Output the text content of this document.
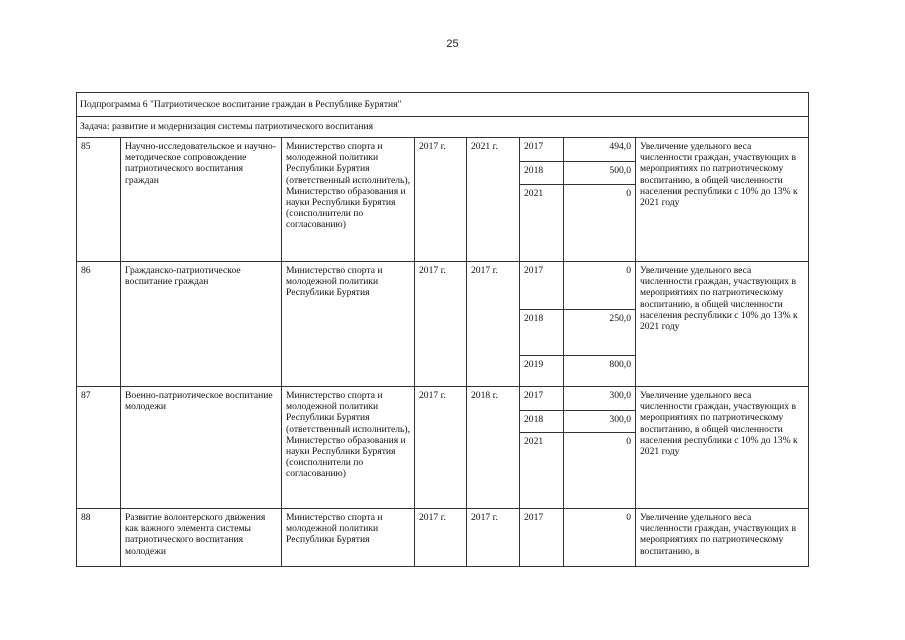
25
Подпрограмма 6 "Патриотическое воспитание граждан в Республике Бурятия"							
Задача: развитие и модернизация системы патриотического воспитания							
85	Научно-исследовательское и научно-методическое сопровождение патриотического воспитания граждан	Министерство спорта и молодежной политики Республики Бурятия (ответственный исполнитель), Министерство образования и науки Республики Бурятия (соисполнители по согласованию)	2017 г.	2021 г.	2017	494,0	Увеличение удельного веса численности граждан, участвующих в мероприятиях по патриотическому воспитанию, в общей численности населения республики с 10% до 13% к 2021 году
					2018	500,0	
					2021	0	
86	Гражданско-патриотическое воспитание граждан	Министерство спорта и молодежной политики Республики Бурятия	2017 г.	2017 г.	2017	0	Увеличение удельного веса численности граждан, участвующих в мероприятиях по патриотическому воспитанию, в общей численности населения республики с 10% до 13% к 2021 году
					2018	250,0	
					2019	800,0	
87	Военно-патриотическое воспитание молодежи	Министерство спорта и молодежной политики Республики Бурятия (ответственный исполнитель), Министерство образования и науки Республики Бурятия (соисполнители по согласованию)	2017 г.	2018 г.	2017	300,0	Увеличение удельного веса численности граждан, участвующих в мероприятиях по патриотическому воспитанию, в общей численности населения республики с 10% до 13% к 2021 году
					2018	300,0	
					2021	0	
88	Развитие волонтерского движения как важного элемента системы патриотического воспитания молодежи	Министерство спорта и молодежной политики Республики Бурятия	2017 г.	2017 г.	2017	0	Увеличение удельного веса численности граждан, участвующих в мероприятиях по патриотическому воспитанию, в
